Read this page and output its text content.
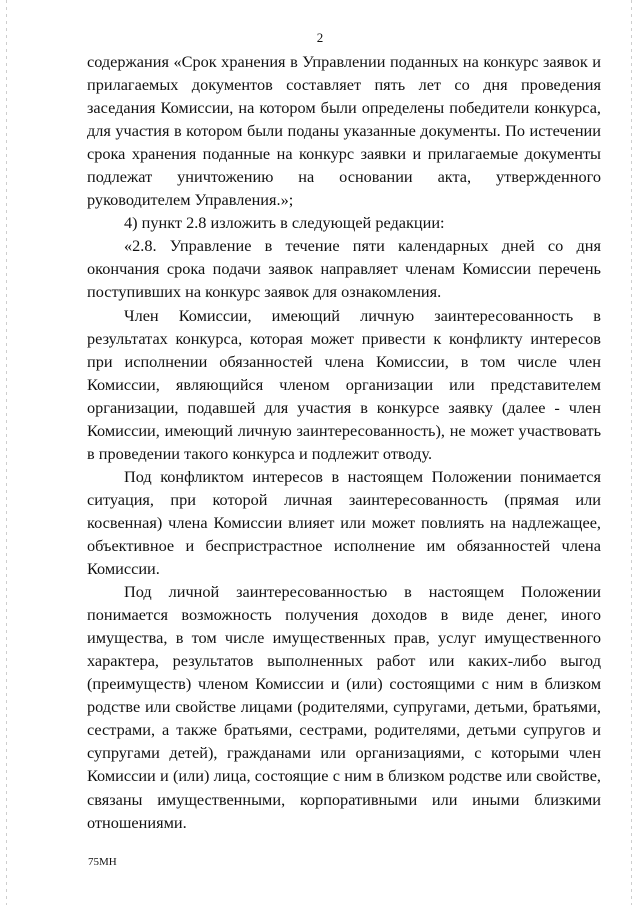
2

содержания «Срок хранения в Управлении поданных на конкурс заявок и прилагаемых документов составляет пять лет со дня проведения заседания Комиссии, на котором были определены победители конкурса, для участия в котором были поданы указанные документы. По истечении срока хранения поданные на конкурс заявки и прилагаемые документы подлежат уничтожению на основании акта, утвержденного руководителем Управления.»;

4) пункт 2.8 изложить в следующей редакции:

«2.8. Управление в течение пяти календарных дней со дня окончания срока подачи заявок направляет членам Комиссии перечень поступивших на конкурс заявок для ознакомления.

Член Комиссии, имеющий личную заинтересованность в результатах конкурса, которая может привести к конфликту интересов при исполнении обязанностей члена Комиссии, в том числе член Комиссии, являющийся членом организации или представителем организации, подавшей для участия в конкурсе заявку (далее - член Комиссии, имеющий личную заинтересованность), не может участвовать в проведении такого конкурса и подлежит отводу.

Под конфликтом интересов в настоящем Положении понимается ситуация, при которой личная заинтересованность (прямая или косвенная) члена Комиссии влияет или может повлиять на надлежащее, объективное и беспристрастное исполнение им обязанностей члена Комиссии.

Под личной заинтересованностью в настоящем Положении понимается возможность получения доходов в виде денег, иного имущества, в том числе имущественных прав, услуг имущественного характера, результатов выполненных работ или каких-либо выгод (преимуществ) членом Комиссии и (или) состоящими с ним в близком родстве или свойстве лицами (родителями, супругами, детьми, братьями, сестрами, а также братьями, сестрами, родителями, детьми супругов и супругами детей), гражданами или организациями, с которыми член Комиссии и (или) лица, состоящие с ним в близком родстве или свойстве, связаны имущественными, корпоративными или иными близкими отношениями.

75МН
